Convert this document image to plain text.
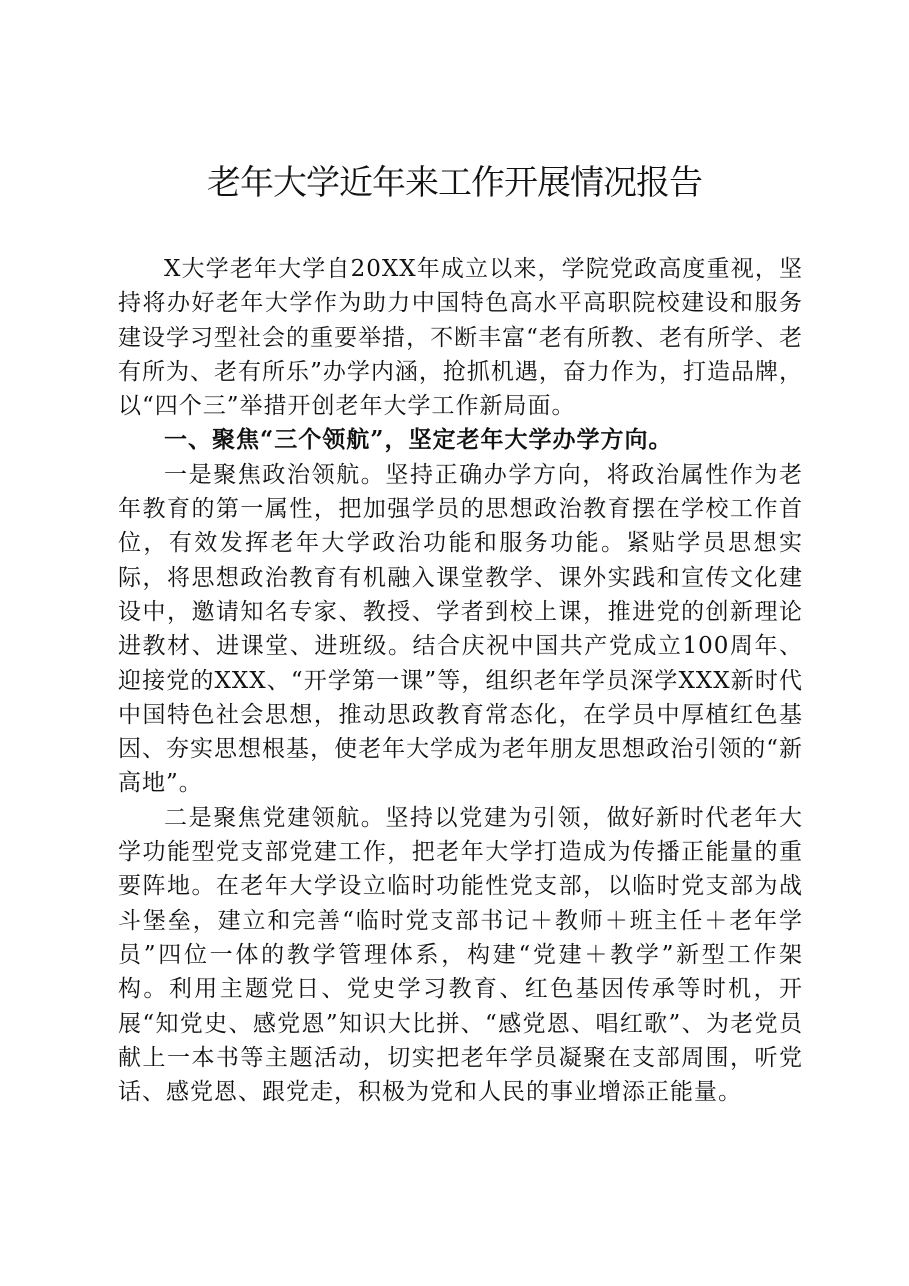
老年大学近年来工作开展情况报告

X大学老年大学自20XX年成立以来，学院党政高度重视，坚持将办好老年大学作为助力中国特色高水平高职院校建设和服务建设学习型社会的重要举措，不断丰富“老有所教、老有所学、老有所为、老有所乐”办学内涵，抢抓机遇，奋力作为，打造品牌，以“四个三”举措开创老年大学工作新局面。

一、聚焦“三个领航”，坚定老年大学办学方向。

一是聚焦政治领航。坚持正确办学方向，将政治属性作为老年教育的第一属性，把加强学员的思想政治教育摆在学校工作首位，有效发挥老年大学政治功能和服务功能。紧贴学员思想实际，将思想政治教育有机融入课堂教学、课外实践和宣传文化建设中，邀请知名专家、教授、学者到校上课，推进党的创新理论进教材、进课堂、进班级。结合庆祝中国共产党成立100周年、迎接党的XXX、“开学第一课”等，组织老年学员深学XXX新时代中国特色社会思想，推动思政教育常态化，在学员中厚植红色基因、夯实思想根基，使老年大学成为老年朋友思想政治引领的“新高地”。

二是聚焦党建领航。坚持以党建为引领，做好新时代老年大学功能型党支部党建工作，把老年大学打造成为传播正能量的重要阵地。在老年大学设立临时功能性党支部，以临时党支部为战斗堡垒，建立和完善“临时党支部书记＋教师＋班主任＋老年学员”四位一体的教学管理体系，构建“党建＋教学”新型工作架构。利用主题党日、党史学习教育、红色基因传承等时机，开展“知党史、感党恩”知识大比拼、“感党恩、唱红歌”、为老党员献上一本书等主题活动，切实把老年学员凝聚在支部周围，听党话、感党恩、跟党走，积极为党和人民的事业增添正能量。
